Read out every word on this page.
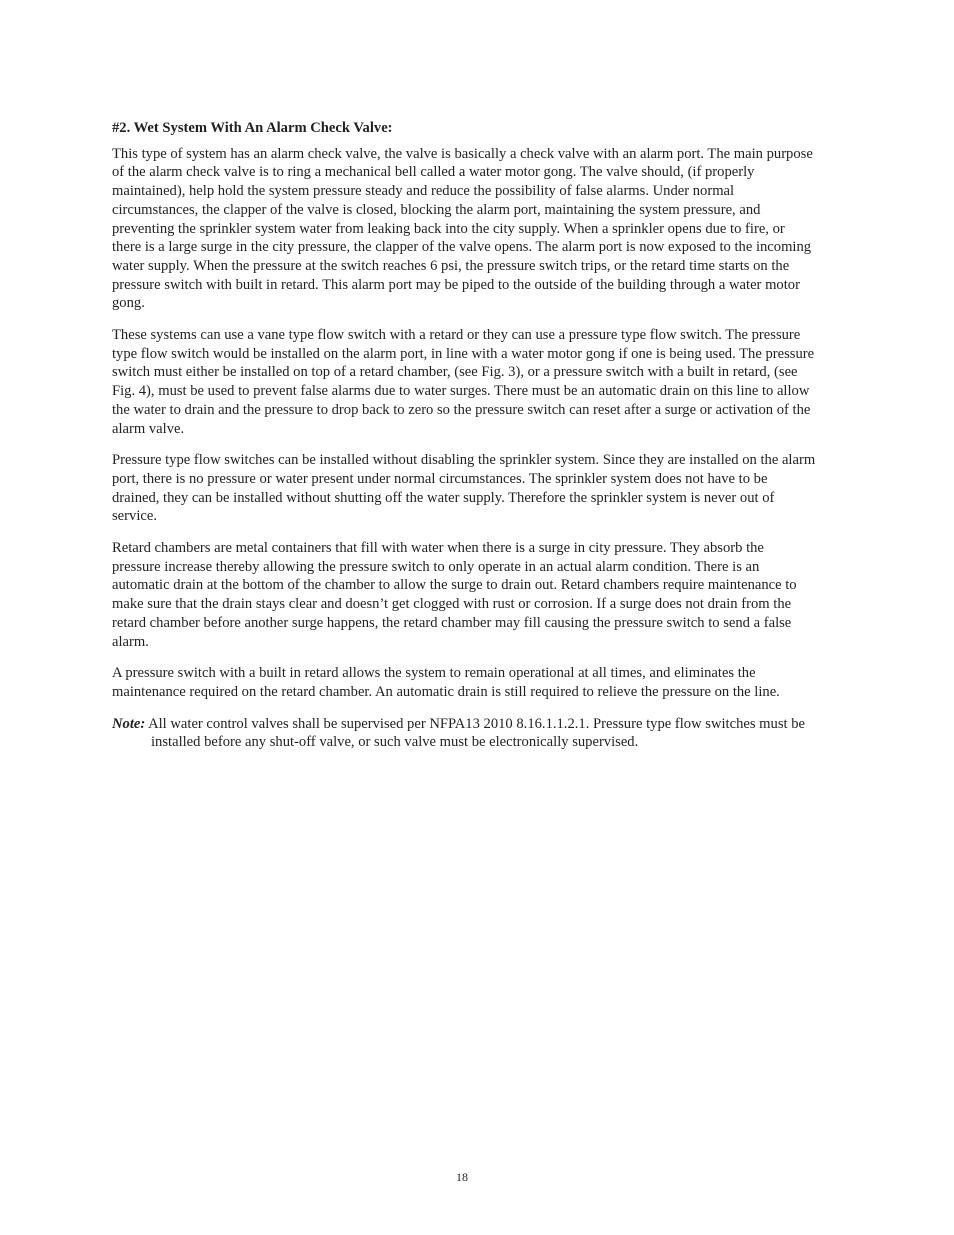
#2. Wet System With An Alarm Check Valve:

This type of system has an alarm check valve, the valve is basically a check valve with an alarm port. The main purpose of the alarm check valve is to ring a mechanical bell called a water motor gong. The valve should, (if properly maintained), help hold the system pressure steady and reduce the possibility of false alarms. Under normal circumstances, the clapper of the valve is closed, blocking the alarm port, maintaining the system pressure, and preventing the sprinkler system water from leaking back into the city supply. When a sprinkler opens due to fire, or there is a large surge in the city pressure, the clapper of the valve opens. The alarm port is now exposed to the incoming water supply. When the pressure at the switch reaches 6 psi, the pressure switch trips, or the retard time starts on the pressure switch with built in retard. This alarm port may be piped to the outside of the building through a water motor gong.

These systems can use a vane type flow switch with a retard or they can use a pressure type flow switch. The pressure type flow switch would be installed on the alarm port, in line with a water motor gong if one is being used. The pressure switch must either be installed on top of a retard chamber, (see Fig. 3), or a pressure switch with a built in retard, (see Fig. 4), must be used to prevent false alarms due to water surges. There must be an automatic drain on this line to allow the water to drain and the pressure to drop back to zero so the pressure switch can reset after a surge or activation of the alarm valve.

Pressure type flow switches can be installed without disabling the sprinkler system. Since they are installed on the alarm port, there is no pressure or water present under normal circumstances. The sprinkler system does not have to be drained, they can be installed without shutting off the water supply. Therefore the sprinkler system is never out of service.

Retard chambers are metal containers that fill with water when there is a surge in city pressure. They absorb the pressure increase thereby allowing the pressure switch to only operate in an actual alarm condition. There is an automatic drain at the bottom of the chamber to allow the surge to drain out. Retard chambers require maintenance to make sure that the drain stays clear and doesn’t get clogged with rust or corrosion. If a surge does not drain from the retard chamber before another surge happens, the retard chamber may fill causing the pressure switch to send a false alarm.

A pressure switch with a built in retard allows the system to remain operational at all times, and eliminates the maintenance required on the retard chamber. An automatic drain is still required to relieve the pressure on the line.

Note: All water control valves shall be supervised per NFPA13 2010 8.16.1.1.2.1. Pressure type flow switches must be installed before any shut-off valve, or such valve must be electronically supervised.

18
